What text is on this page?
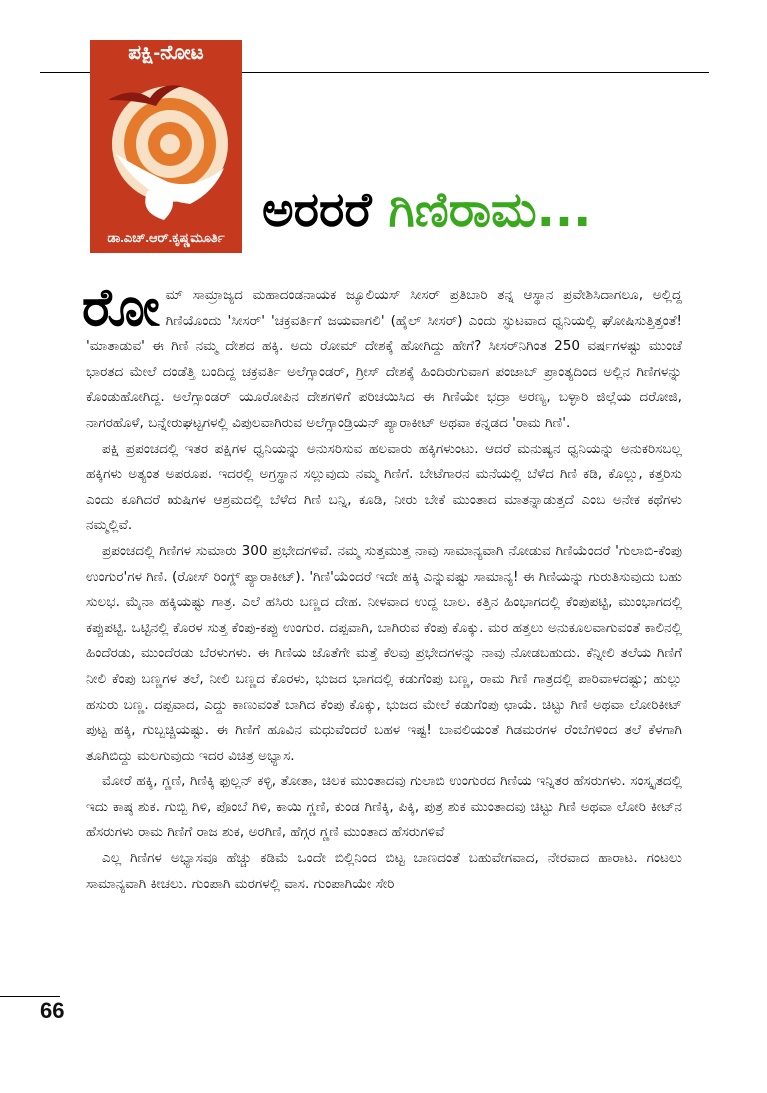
ಪಕ್ಷಿ-ನೋಟ
ಡಾ.ಎಚ್.ಆರ್.ಕೃಷ್ಣಮೂರ್ತಿ ಅರರರೆ ಗಿಣಿರಾಮ...

ರೋಮ್ ಸಾಮ್ರಾಜ್ಯದ ಮಹಾದಂಡನಾಯಕ ಜ್ಯೂಲಿಯಸ್ ಸೀಸರ್ ಪ್ರತಿಬಾರಿ ತನ್ನ ಆಸ್ಥಾನ ಪ್ರವೇಶಿಸಿದಾಗಲೂ, ಅಲ್ಲಿದ್ದ ಗಿಣಿಯೊಂದು 'ಸೀಸರ್' 'ಚಕ್ರವರ್ತಿಗೆ ಜಯವಾಗಲಿ' (ಹೈಲ್ ಸೀಸರ್) ಎಂದು ಸ್ಫುಟವಾದ ಧ್ವನಿಯಲ್ಲಿ ಘೋಷಿಸುತ್ತಿತ್ತಂತೆ! 'ಮಾತಾಡುವ' ಈ ಗಿಣಿ ನಮ್ಮ ದೇಶದ ಹಕ್ಕಿ. ಅದು ರೋಮ್ ದೇಶಕ್ಕೆ ಹೋಗಿದ್ದು ಹೇಗೆ? ಸೀಸರ್‌ನಿಗಿಂತ 250 ವರ್ಷಗಳಷ್ಟು ಮುಂಚೆ ಭಾರತದ ಮೇಲೆ ದಂಡೆತ್ತಿ ಬಂದಿದ್ದ ಚಕ್ರವರ್ತಿ ಅಲೆಗ್ಸಾಂಡರ್, ಗ್ರೀಸ್ ದೇಶಕ್ಕೆ ಹಿಂದಿರುಗುವಾಗ ಪಂಜಾಬ್ ಪ್ರಾಂತ್ಯದಿಂದ ಅಲ್ಲಿನ ಗಿಣಿಗಳನ್ನು ಕೊಂಡುಹೋಗಿದ್ದ. ಅಲೆಗ್ಸಾಂಡರ್ ಯೂರೋಪಿನ ದೇಶಗಳಿಗೆ ಪರಿಚಯಿಸಿದ ಈ ಗಿಣಿಯೇ ಭದ್ರಾ ಅರಣ್ಯ, ಬಳ್ಳಾರಿ ಜಿಲ್ಲೆಯ ದರೋಜಿ, ನಾಗರಹೊಳೆ, ಬನ್ನೇರುಘಟ್ಟಗಳಲ್ಲಿ ವಿಪುಲವಾಗಿರುವ ಅಲೆಗ್ಸಾಂಡ್ರಿಯನ್ ಪ್ಯಾರಾಕೀಟ್ ಅಥವಾ ಕನ್ನಡದ 'ರಾಮ ಗಿಣಿ'.

ಪಕ್ಷಿ ಪ್ರಪಂಚದಲ್ಲಿ ಇತರ ಪಕ್ಷಿಗಳ ಧ್ವನಿಯನ್ನು ಅನುಸರಿಸುವ ಹಲವಾರು ಹಕ್ಕಿಗಳುಂಟು. ಆದರೆ ಮನುಷ್ಯನ ಧ್ವನಿಯನ್ನು ಅನುಕರಿಸಬಲ್ಲ ಹಕ್ಕಿಗಳು ಅತ್ಯಂತ ಅಪರೂಪ. ಇದರಲ್ಲಿ ಅಗ್ರಸ್ಥಾನ ಸಲ್ಲುವುದು ನಮ್ಮ ಗಿಣಿಗೆ. ಬೇಟೆಗಾರನ ಮನೆಯಲ್ಲಿ ಬೆಳೆದ ಗಿಣಿ ಕಡಿ, ಕೊಲ್ಲು, ಕತ್ತರಿಸು ಎಂದು ಕೂಗಿದರೆ ಋಷಿಗಳ ಆಶ್ರಮದಲ್ಲಿ ಬೆಳೆದ ಗಿಣಿ ಬನ್ನಿ, ಕೂಡಿ, ನೀರು ಬೇಕೆ ಮುಂತಾದ ಮಾತನ್ನಾಡುತ್ತದೆ ಎಂಬ ಅನೇಕ ಕಥೆಗಳು ನಮ್ಮಲ್ಲಿವೆ.

ಪ್ರಪಂಚದಲ್ಲಿ ಗಿಣಿಗಳ ಸುಮಾರು 300 ಪ್ರಭೇದಗಳಿವೆ. ನಮ್ಮ ಸುತ್ತಮುತ್ತ ನಾವು ಸಾಮಾನ್ಯವಾಗಿ ನೋಡುವ ಗಿಣಿಯೆಂದರೆ 'ಗುಲಾಬಿ-ಕೆಂಪು ಉಂಗುರ'ಗಳ ಗಿಣಿ. (ರೋಸ್ ರಿಂಗ್ಡ್ ಪ್ಯಾರಾಕೀಟ್). 'ಗಿಣಿ'ಯೆಂದರೆ ಇದೇ ಹಕ್ಕಿ ಎನ್ನುವಷ್ಟು ಸಾಮಾನ್ಯ! ಈ ಗಿಣಿಯನ್ನು ಗುರುತಿಸುವುದು ಬಹು ಸುಲಭ. ಮೈನಾ ಹಕ್ಕಿಯಷ್ಟು ಗಾತ್ರ. ಎಲೆ ಹಸಿರು ಬಣ್ಣದ ದೇಹ. ನೀಳವಾದ ಉದ್ದ ಬಾಲ. ಕತ್ತಿನ ಹಿಂಭಾಗದಲ್ಲಿ ಕೆಂಪುಪಟ್ಟಿ, ಮುಂಭಾಗದಲ್ಲಿ ಕಪ್ಪುಪಟ್ಟಿ. ಒಟ್ಟಿನಲ್ಲಿ ಕೊರಳ ಸುತ್ತ ಕೆಂಪು-ಕಪ್ಪು ಉಂಗುರ. ದಪ್ಪವಾಗಿ, ಬಾಗಿರುವ ಕೆಂಪು ಕೊಕ್ಕು. ಮರ ಹತ್ತಲು ಅನುಕೂಲವಾಗುವಂತೆ ಕಾಲಿನಲ್ಲಿ ಹಿಂದೆರಡು, ಮುಂದೆರಡು ಬೆರಳುಗಳು. ಈ ಗಿಣಿಯ ಜೊತೆಗೇ ಮತ್ತೆ ಕೆಲವು ಪ್ರಭೇದಗಳನ್ನು ನಾವು ನೋಡಬಹುದು. ಕೆನ್ನೀಲಿ ತಲೆಯ ಗಿಣಿಗೆ ನೀಲಿ ಕೆಂಪು ಬಣ್ಣಗಳ ತಲೆ, ನೀಲಿ ಬಣ್ಣದ ಕೊರಳು, ಭುಜದ ಭಾಗದಲ್ಲಿ ಕಡುಗೆಂಪು ಬಣ್ಣ, ರಾಮ ಗಿಣಿ ಗಾತ್ರದಲ್ಲಿ ಪಾರಿವಾಳದಷ್ಟು; ಹುಲ್ಲು ಹಸುರು ಬಣ್ಣ. ದಪ್ಪವಾದ, ಎದ್ದು ಕಾಣುವಂತೆ ಬಾಗಿದ ಕೆಂಪು ಕೊಕ್ಕು, ಭುಜದ ಮೇಲೆ ಕಡುಗೆಂಪು ಛಾಯೆ. ಚಿಟ್ಟು ಗಿಣಿ ಅಥವಾ ಲೋರಿಕೀಟ್ ಪುಟ್ಟ ಹಕ್ಕಿ, ಗುಬ್ಬಚ್ಚಿಯಷ್ಟು. ಈ ಗಿಣಿಗೆ ಹೂವಿನ ಮಧುವೆಂದರೆ ಬಹಳ ಇಷ್ಟ! ಬಾವಲಿಯಂತೆ ಗಿಡಮರಗಳ ರೆಂಬೆಗಳಿಂದ ತಲೆ ಕೆಳಗಾಗಿ ತೂಗಿಬಿದ್ದು ಮಲಗುವುದು ಇದರ ವಿಚಿತ್ರ ಅಭ್ಯಾಸ.

ಮೋರೆ ಹಕ್ಕಿ, ಗ್ಣಣಿ, ಗಿಣಿಕ್ಕಿ ಫುಲ್ಲನ್ ಕಳ್ಳಿ, ತೋತಾ, ಚಿಲಕ ಮುಂತಾದವು ಗುಲಾಬಿ ಉಂಗುರದ ಗಿಣಿಯ ಇನ್ನಿತರ ಹೆಸರುಗಳು. ಸಂಸ್ಕೃತದಲ್ಲಿ ಇದು ಕಾಷ್ಠ ಶುಕ. ಗುಬ್ಬಿ ಗಿಳಿ, ಪೊಂಬೆ ಗಿಳಿ, ಕಾಯಿ ಗ್ಣಣಿ, ಕುಂಡ ಗಿಣಿಕ್ಕಿ, ಪಿಕ್ಕಿ, ಪುತ್ರ ಶುಕ ಮುಂತಾದವು ಚಿಟ್ಟು ಗಿಣಿ ಅಥವಾ ಲೋರಿ ಕೀಟ್‌ನ ಹೆಸರುಗಳು ರಾಮ ಗಿಣಿಗೆ ರಾಜ ಶುಕ, ಅರಗಿಣಿ, ಹೆಗ್ಗರ ಗ್ಣಣಿ ಮುಂತಾದ ಹೆಸರುಗಳಿವೆ

ಎಲ್ಲ ಗಿಣಿಗಳ ಅಭ್ಯಾಸವೂ ಹೆಚ್ಚು ಕಡಿಮೆ ಒಂದೇ ಬಿಲ್ಲಿನಿಂದ ಬಿಟ್ಟ ಬಾಣದಂತೆ ಬಹುವೇಗವಾದ, ನೇರವಾದ ಹಾರಾಟ. ಗಂಟಲು ಸಾಮಾನ್ಯವಾಗಿ ಕೀಚಲು. ಗುಂಪಾಗಿ ಮರಗಳಲ್ಲಿ ವಾಸ. ಗುಂಪಾಗಿಯೇ ಸೇರಿ

66
